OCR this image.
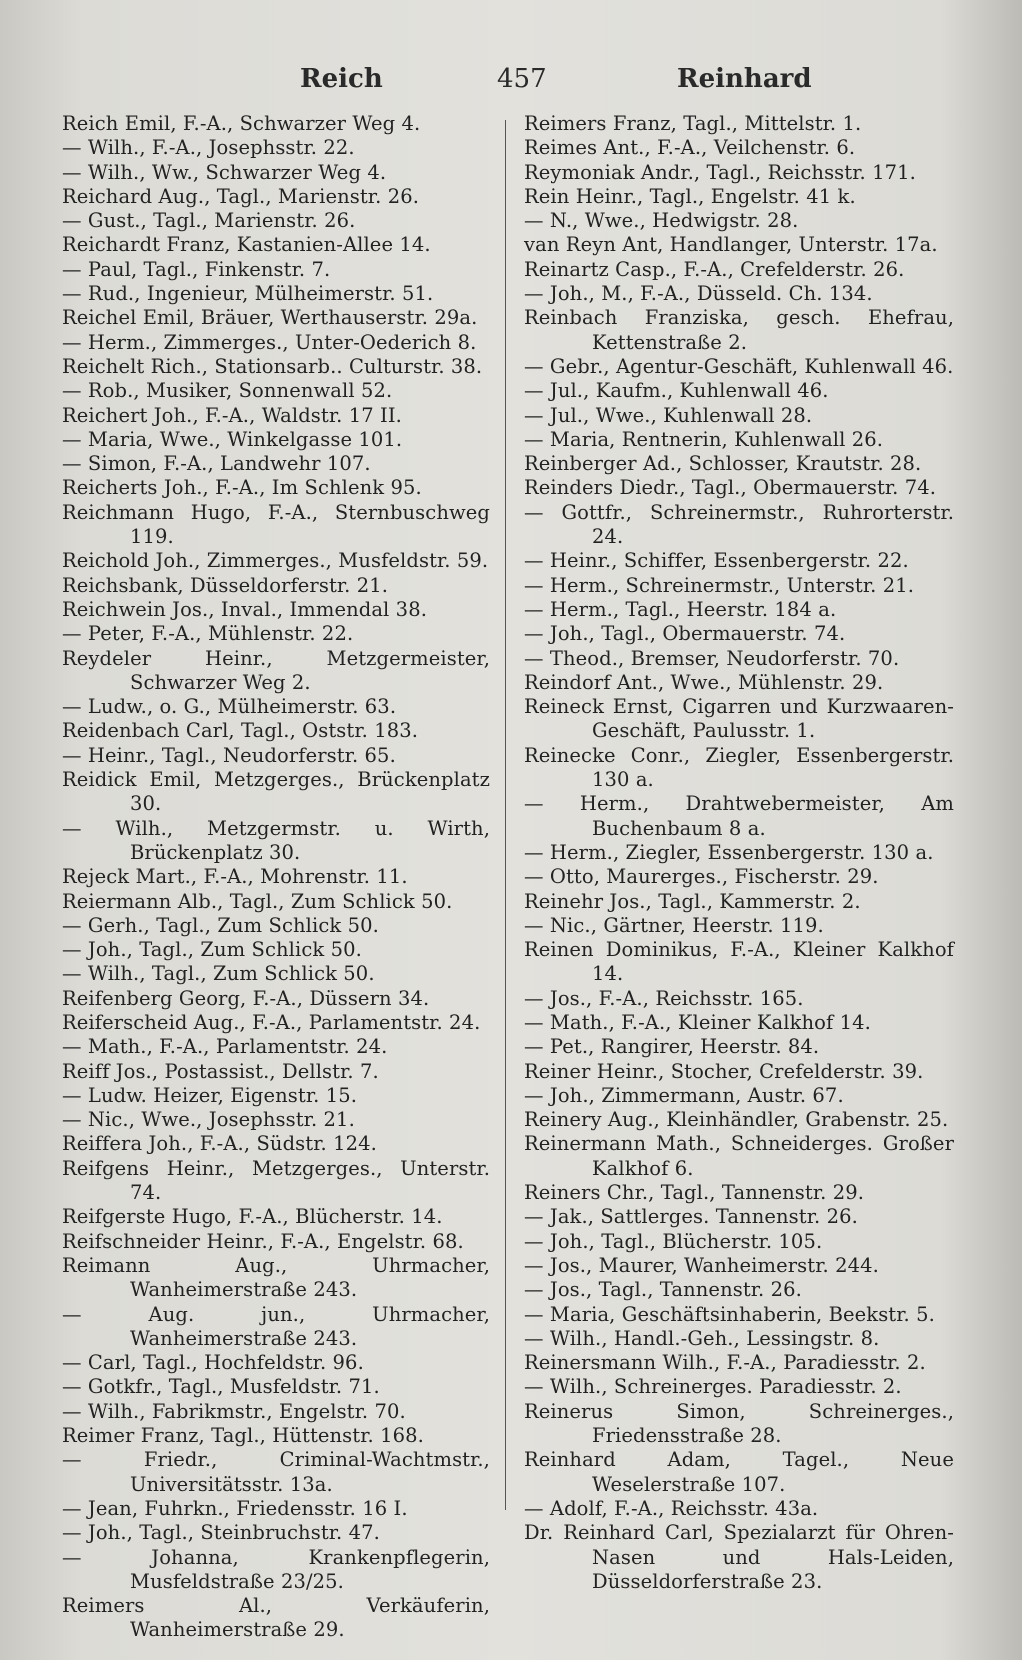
Reich	457	Reinhard

Reich Emil, F.-A., Schwarzer Weg 4.

— Wilh., F.-A., Josephsstr. 22.

— Wilh., Ww., Schwarzer Weg 4.

Reichard Aug., Tagl., Marienstr. 26.

— Gust., Tagl., Marienstr. 26.

Reichardt Franz, Kastanien-Allee 14.

— Paul, Tagl., Finkenstr. 7.

— Rud., Ingenieur, Mülheimerstr. 51.

Reichel Emil, Bräuer, Werthauserstr. 29a.

— Herm., Zimmerges., Unter-Oederich 8.

Reichelt Rich., Stationsarb.. Culturstr. 38.

— Rob., Musiker, Sonnenwall 52.

Reichert Joh., F.-A., Waldstr. 17 II.

— Maria, Wwe., Winkelgasse 101.

— Simon, F.-A., Landwehr 107.

Reicherts Joh., F.-A., Im Schlenk 95.

Reichmann Hugo, F.-A., Sternbuschweg 119.

Reichold Joh., Zimmerges., Musfeldstr. 59.

Reichsbank, Düsseldorferstr. 21.

Reichwein Jos., Inval., Immendal 38.

— Peter, F.-A., Mühlenstr. 22.

Reydeler Heinr., Metzgermeister, Schwarzer Weg 2.

— Ludw., o. G., Mülheimerstr. 63.

Reidenbach Carl, Tagl., Oststr. 183.

— Heinr., Tagl., Neudorferstr. 65.

Reidick Emil, Metzgerges., Brückenplatz 30.

— Wilh., Metzgermstr. u. Wirth, Brückenplatz 30.

Rejeck Mart., F.-A., Mohrenstr. 11.

Reiermann Alb., Tagl., Zum Schlick 50.

— Gerh., Tagl., Zum Schlick 50.

— Joh., Tagl., Zum Schlick 50.

— Wilh., Tagl., Zum Schlick 50.

Reifenberg Georg, F.-A., Düssern 34.

Reiferscheid Aug., F.-A., Parlamentstr. 24.

— Math., F.-A., Parlamentstr. 24.

Reiff Jos., Postassist., Dellstr. 7.

— Ludw. Heizer, Eigenstr. 15.

— Nic., Wwe., Josephsstr. 21.

Reiffera Joh., F.-A., Südstr. 124.

Reifgens Heinr., Metzgerges., Unterstr. 74.

Reifgerste Hugo, F.-A., Blücherstr. 14.

Reifschneider Heinr., F.-A., Engelstr. 68.

Reimann Aug., Uhrmacher, Wanheimerstraße 243.

— Aug. jun., Uhrmacher, Wanheimerstraße 243.

— Carl, Tagl., Hochfeldstr. 96.

— Gotkfr., Tagl., Musfeldstr. 71.

— Wilh., Fabrikmstr., Engelstr. 70.

Reimer Franz, Tagl., Hüttenstr. 168.

— Friedr., Criminal-Wachtmstr., Universitätsstr. 13a.

— Jean, Fuhrkn., Friedensstr. 16 I.

— Joh., Tagl., Steinbruchstr. 47.

— Johanna, Krankenpflegerin, Musfeldstraße 23/25.

Reimers Al., Verkäuferin, Wanheimerstraße 29.

Reimers Franz, Tagl., Mittelstr. 1.

Reimes Ant., F.-A., Veilchenstr. 6.

Reymoniak Andr., Tagl., Reichsstr. 171.

Rein Heinr., Tagl., Engelstr. 41 k.

— N., Wwe., Hedwigstr. 28.

van Reyn Ant, Handlanger, Unterstr. 17a.

Reinartz Casp., F.-A., Crefelderstr. 26.

— Joh., M., F.-A., Düsseld. Ch. 134.

Reinbach Franziska, gesch. Ehefrau, Kettenstraße 2.

— Gebr., Agentur-Geschäft, Kuhlenwall 46.

— Jul., Kaufm., Kuhlenwall 46.

— Jul., Wwe., Kuhlenwall 28.

— Maria, Rentnerin, Kuhlenwall 26.

Reinberger Ad., Schlosser, Krautstr. 28.

Reinders Diedr., Tagl., Obermauerstr. 74.

— Gottfr., Schreinermstr., Ruhrorterstr. 24.

— Heinr., Schiffer, Essenbergerstr. 22.

— Herm., Schreinermstr., Unterstr. 21.

— Herm., Tagl., Heerstr. 184 a.

— Joh., Tagl., Obermauerstr. 74.

— Theod., Bremser, Neudorferstr. 70.

Reindorf Ant., Wwe., Mühlenstr. 29.

Reineck Ernst, Cigarren und Kurzwaaren-Geschäft, Paulusstr. 1.

Reinecke Conr., Ziegler, Essenbergerstr. 130 a.

— Herm., Drahtwebermeister, Am Buchenbaum 8 a.

— Herm., Ziegler, Essenbergerstr. 130 a.

— Otto, Maurerges., Fischerstr. 29.

Reinehr Jos., Tagl., Kammerstr. 2.

— Nic., Gärtner, Heerstr. 119.

Reinen Dominikus, F.-A., Kleiner Kalkhof 14.

— Jos., F.-A., Reichsstr. 165.

— Math., F.-A., Kleiner Kalkhof 14.

— Pet., Rangirer, Heerstr. 84.

Reiner Heinr., Stocher, Crefelderstr. 39.

— Joh., Zimmermann, Austr. 67.

Reinery Aug., Kleinhändler, Grabenstr. 25.

Reinermann Math., Schneiderges. Großer Kalkhof 6.

Reiners Chr., Tagl., Tannenstr. 29.

— Jak., Sattlerges. Tannenstr. 26.

— Joh., Tagl., Blücherstr. 105.

— Jos., Maurer, Wanheimerstr. 244.

— Jos., Tagl., Tannenstr. 26.

— Maria, Geschäftsinhaberin, Beekstr. 5.

— Wilh., Handl.-Geh., Lessingstr. 8.

Reinersmann Wilh., F.-A., Paradiesstr. 2.

— Wilh., Schreinerges. Paradiesstr. 2.

Reinerus Simon, Schreinerges., Friedensstraße 28.

Reinhard Adam, Tagel., Neue Weselerstraße 107.

— Adolf, F.-A., Reichsstr. 43a.

Dr. Reinhard Carl, Spezialarzt für Ohren-Nasen und Hals-Leiden, Düsseldorferstraße 23.
